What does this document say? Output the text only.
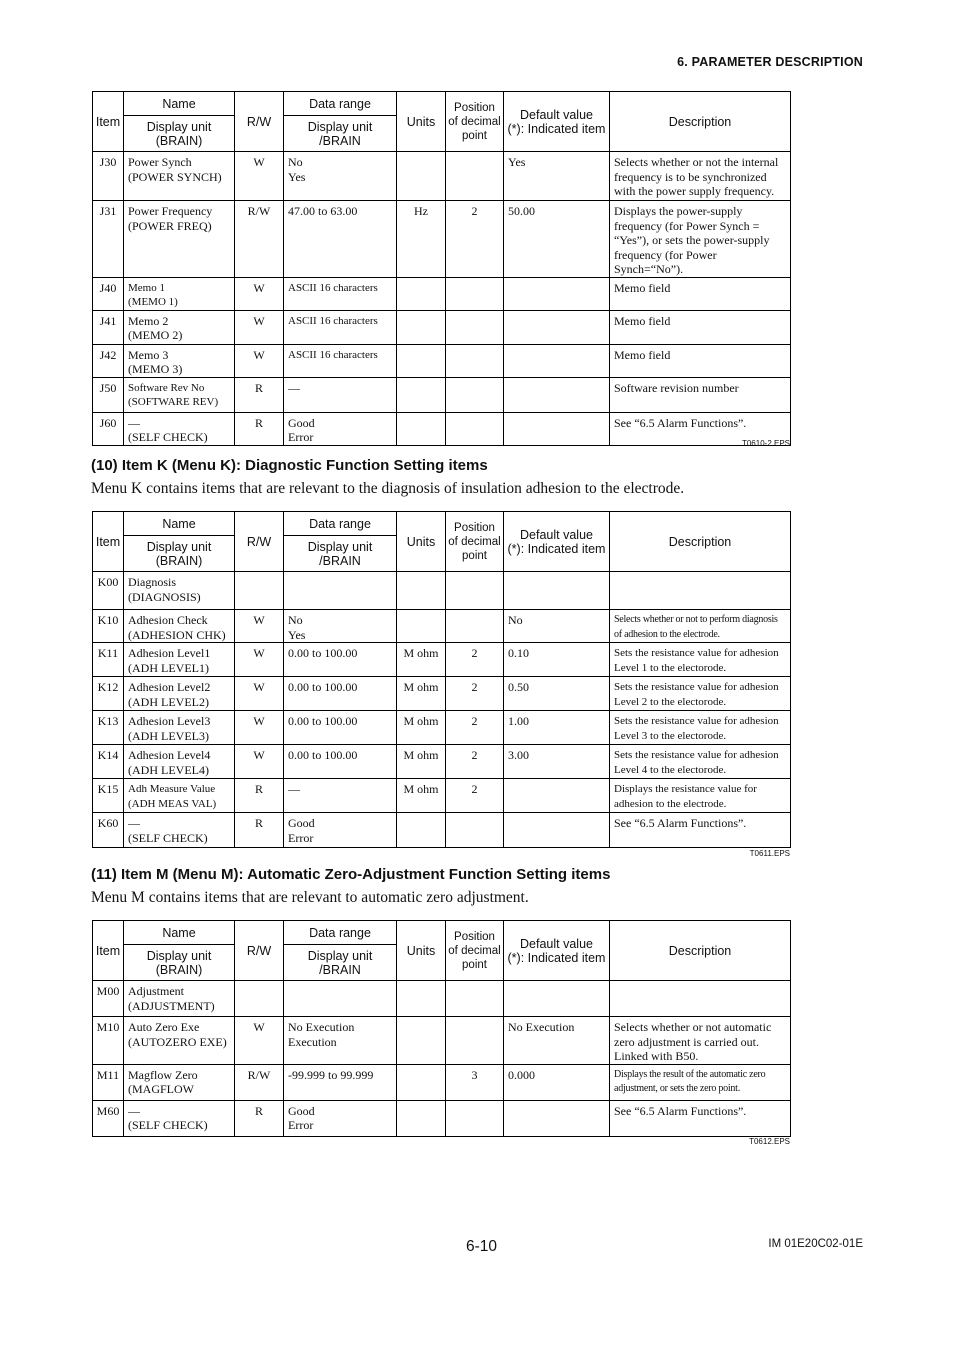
6. PARAMETER DESCRIPTION
Item	Name	R/W	Data range	Units	Position
of decimal
point	Default value
(*): Indicated item	Description
	Display unit
(BRAIN)		Display unit
/BRAIN				

J30	Power Synch
(POWER SYNCH)	W	No
Yes			Yes	Selects whether or not the internal frequency is to be synchronized with the power supply frequency.

J31	Power Frequency
(POWER FREQ)	R/W	47.00 to 63.00	Hz	2	50.00	Displays the power-supply frequency (for Power Synch = “Yes”), or sets the power-supply frequency (for Power Synch=“No”).

J40	Memo 1
(MEMO 1)	W	ASCII 16 characters				Memo field

J41	Memo 2
(MEMO 2)	W	ASCII 16 characters				Memo field

J42	Memo 3
(MEMO 3)	W	ASCII 16 characters				Memo field

J50	Software Rev No
(SOFTWARE REV)	R	—				Software revision number

J60	—
(SELF CHECK)	R	Good
Error				See “6.5 Alarm Functions”.
T0610-2.EPS
(10) Item K (Menu K): Diagnostic Function Setting items
Menu K contains items that are relevant to the diagnosis of insulation adhesion to the electrode.
Item	Name	R/W	Data range	Units	Position
of decimal
point	Default value
(*): Indicated item	Description
	Display unit
(BRAIN)		Display unit
/BRAIN				

K00	Diagnosis
(DIAGNOSIS)						

K10	Adhesion Check
(ADHESION CHK)	W	No
Yes			No	Selects whether or not to perform diagnosis of adhesion to the electrode.

K11	Adhesion Level1
(ADH LEVEL1)	W	0.00 to 100.00	M ohm	2	0.10	Sets the resistance value for adhesion Level 1 to the electorode.

K12	Adhesion Level2
(ADH LEVEL2)	W	0.00 to 100.00	M ohm	2	0.50	Sets the resistance value for adhesion Level 2 to the electorode.

K13	Adhesion Level3
(ADH LEVEL3)	W	0.00 to 100.00	M ohm	2	1.00	Sets the resistance value for adhesion Level 3 to the electorode.

K14	Adhesion Level4
(ADH LEVEL4)	W	0.00 to 100.00	M ohm	2	3.00	Sets the resistance value for adhesion Level 4 to the electorode.

K15	Adh Measure Value
(ADH MEAS VAL)	R	—	M ohm	2		Displays the resistance value for adhesion to the electrode.

K60	—
(SELF CHECK)	R	Good
Error				See “6.5 Alarm Functions”.
T0611.EPS
(11) Item M (Menu M): Automatic Zero-Adjustment Function Setting items
Menu M contains items that are relevant to automatic zero adjustment.
Item	Name	R/W	Data range	Units	Position
of decimal
point	Default value
(*): Indicated item	Description
	Display unit
(BRAIN)		Display unit
/BRAIN				

M00	Adjustment
(ADJUSTMENT)						

M10	Auto Zero Exe
(AUTOZERO EXE)	W	No Execution
Execution			No Execution	Selects whether or not automatic zero adjustment is carried out. Linked with B50.

M11	Magflow Zero
(MAGFLOW	R/W	-99.999 to 99.999		3	0.000	Displays the result of the automatic zero adjustment, or sets the zero point.

M60	—
(SELF CHECK)	R	Good
Error				See “6.5 Alarm Functions”.
T0612.EPS
6-10	IM 01E20C02-01E
